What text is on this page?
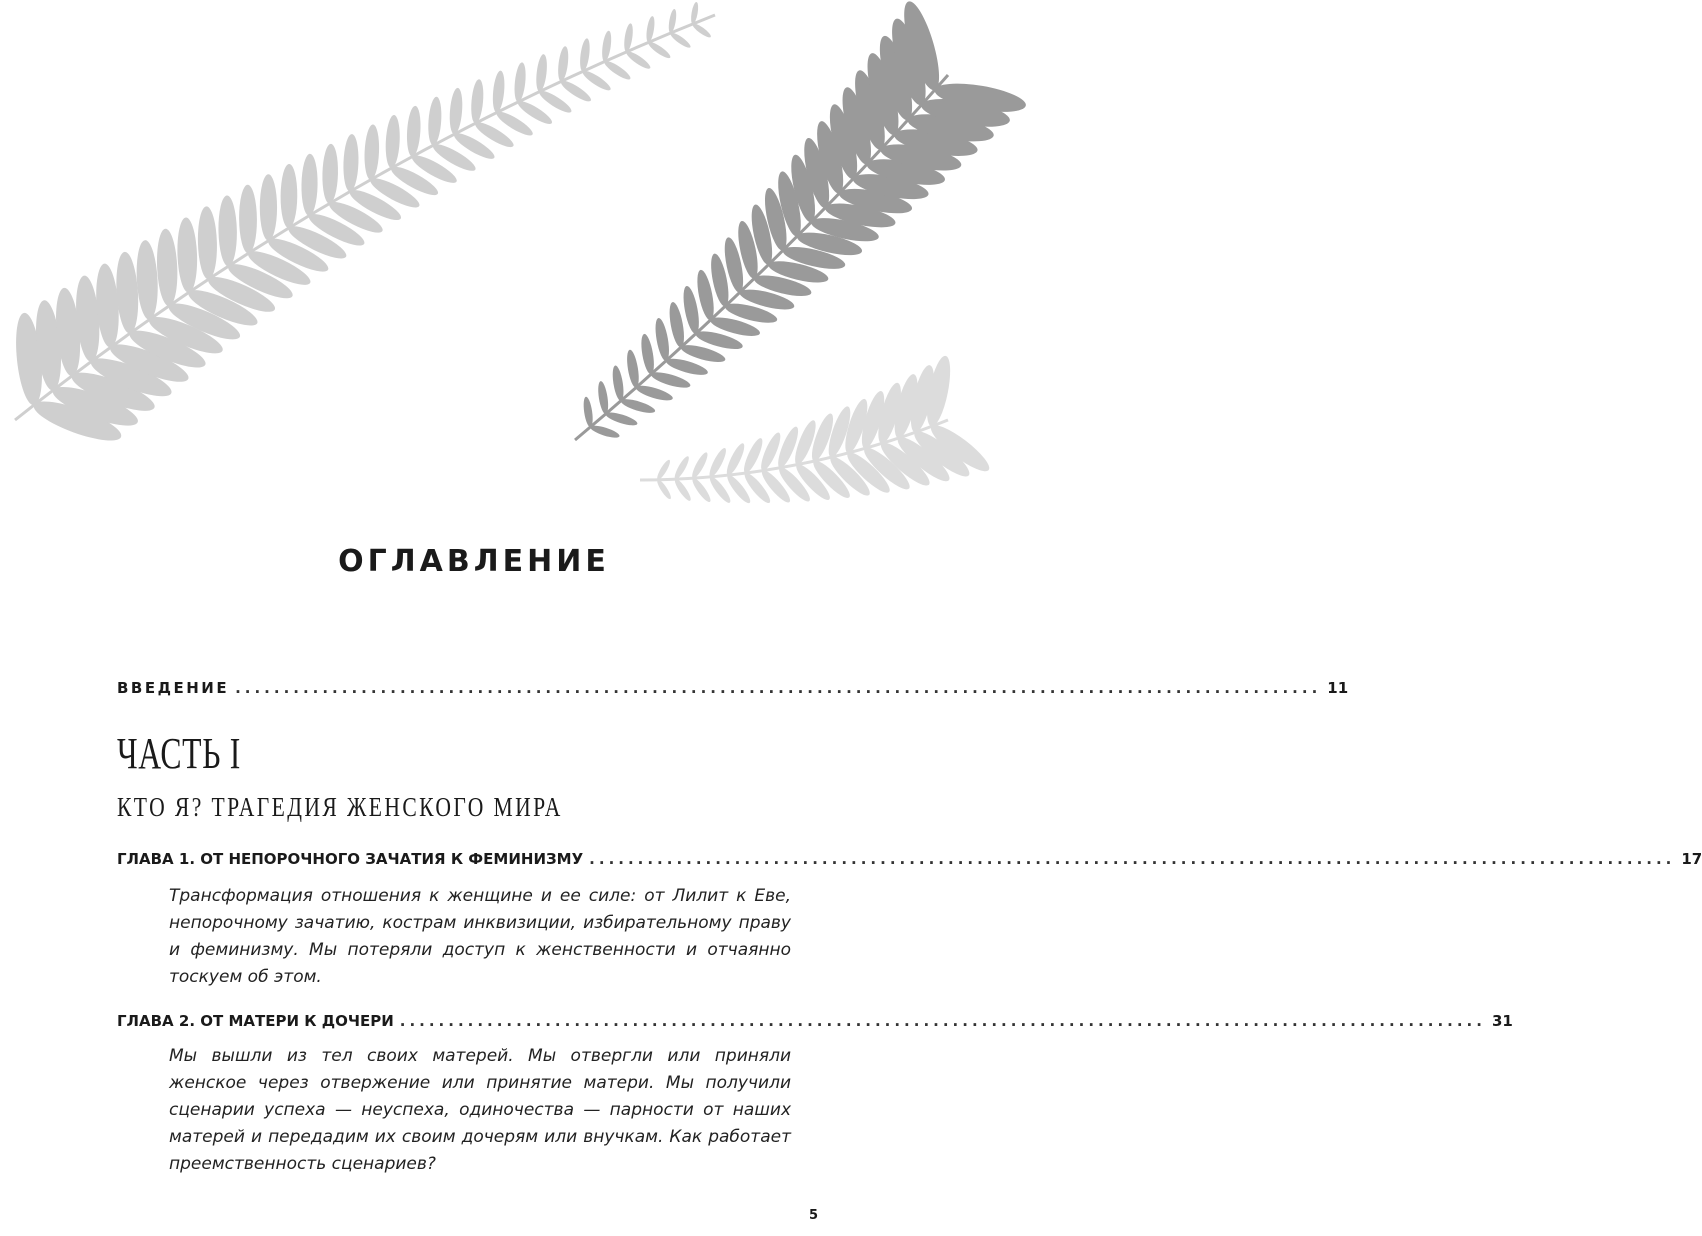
ОГЛАВЛЕНИЕ
ВВЕДЕНИЕ ................................................................................................................ 11
ЧАСТЬ I
КТО Я? ТРАГЕДИЯ ЖЕНСКОГО МИРА
ГЛАВА 1. ОТ НЕПОРОЧНОГО ЗАЧАТИЯ К ФЕМИНИЗМУ ................................................................................................................ 17
Трансформация отношения к женщине и ее силе: от Лилит к Еве, непорочному зачатию, кострам инквизиции, избирательному праву и феминизму. Мы потеряли доступ к женственности и отчаянно тоскуем об этом.
ГЛАВА 2. ОТ МАТЕРИ К ДОЧЕРИ ................................................................................................................ 31
Мы вышли из тел своих матерей. Мы отвергли или приняли женское через отвержение или принятие матери. Мы получили сценарии успеха — неуспеха, одиночества — парности от наших матерей и передадим их своим дочерям или внучкам. Как работает преемственность сценариев?
5
